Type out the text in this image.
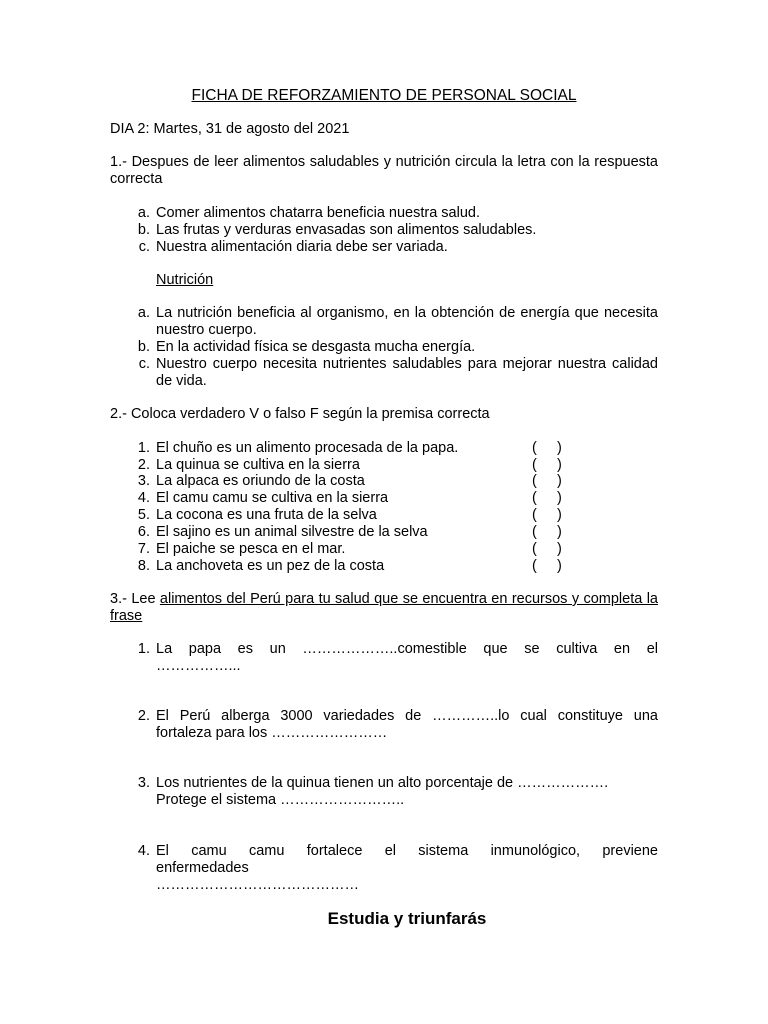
FICHA DE REFORZAMIENTO DE PERSONAL SOCIAL
DIA 2: Martes, 31 de agosto del 2021
1.- Despues de leer alimentos saludables y nutrición circula la letra con la respuesta correcta
a. Comer alimentos chatarra beneficia nuestra salud.
b. Las frutas y verduras envasadas son alimentos saludables.
c. Nuestra alimentación diaria debe ser variada.
Nutrición
a. La nutrición beneficia al organismo, en la obtención de energía que necesita nuestro cuerpo.
b. En la actividad física se desgasta mucha energía.
c. Nuestro cuerpo necesita nutrientes saludables para mejorar nuestra calidad de vida.
2.- Coloca verdadero V o falso F según la premisa correcta
1. El chuño es un alimento procesada de la papa.	(     )
2. La quinua se cultiva en la sierra	(     )
3. La alpaca es oriundo de la costa	(     )
4. El camu camu se cultiva en la sierra	(     )
5. La cocona es una fruta de la selva	(     )
6. El sajino es un animal silvestre de la selva	(     )
7. El paiche se pesca en el mar.	(     )
8. La anchoveta es un pez de la costa	(     )
3.- Lee alimentos del Perú para tu salud que se encuentra en recursos y completa la frase
1. La papa es un ………………..comestible que se cultiva en el
……………...
2. El Perú alberga 3000 variedades de …………..lo cual constituye una
fortaleza para los ……………………
3. Los nutrientes de la quinua tienen un alto porcentaje de ……………….
Protege el sistema ……………………..
4. El camu camu fortalece el sistema inmunológico, previene
enfermedades
……………………………………
Estudia y triunfarás
